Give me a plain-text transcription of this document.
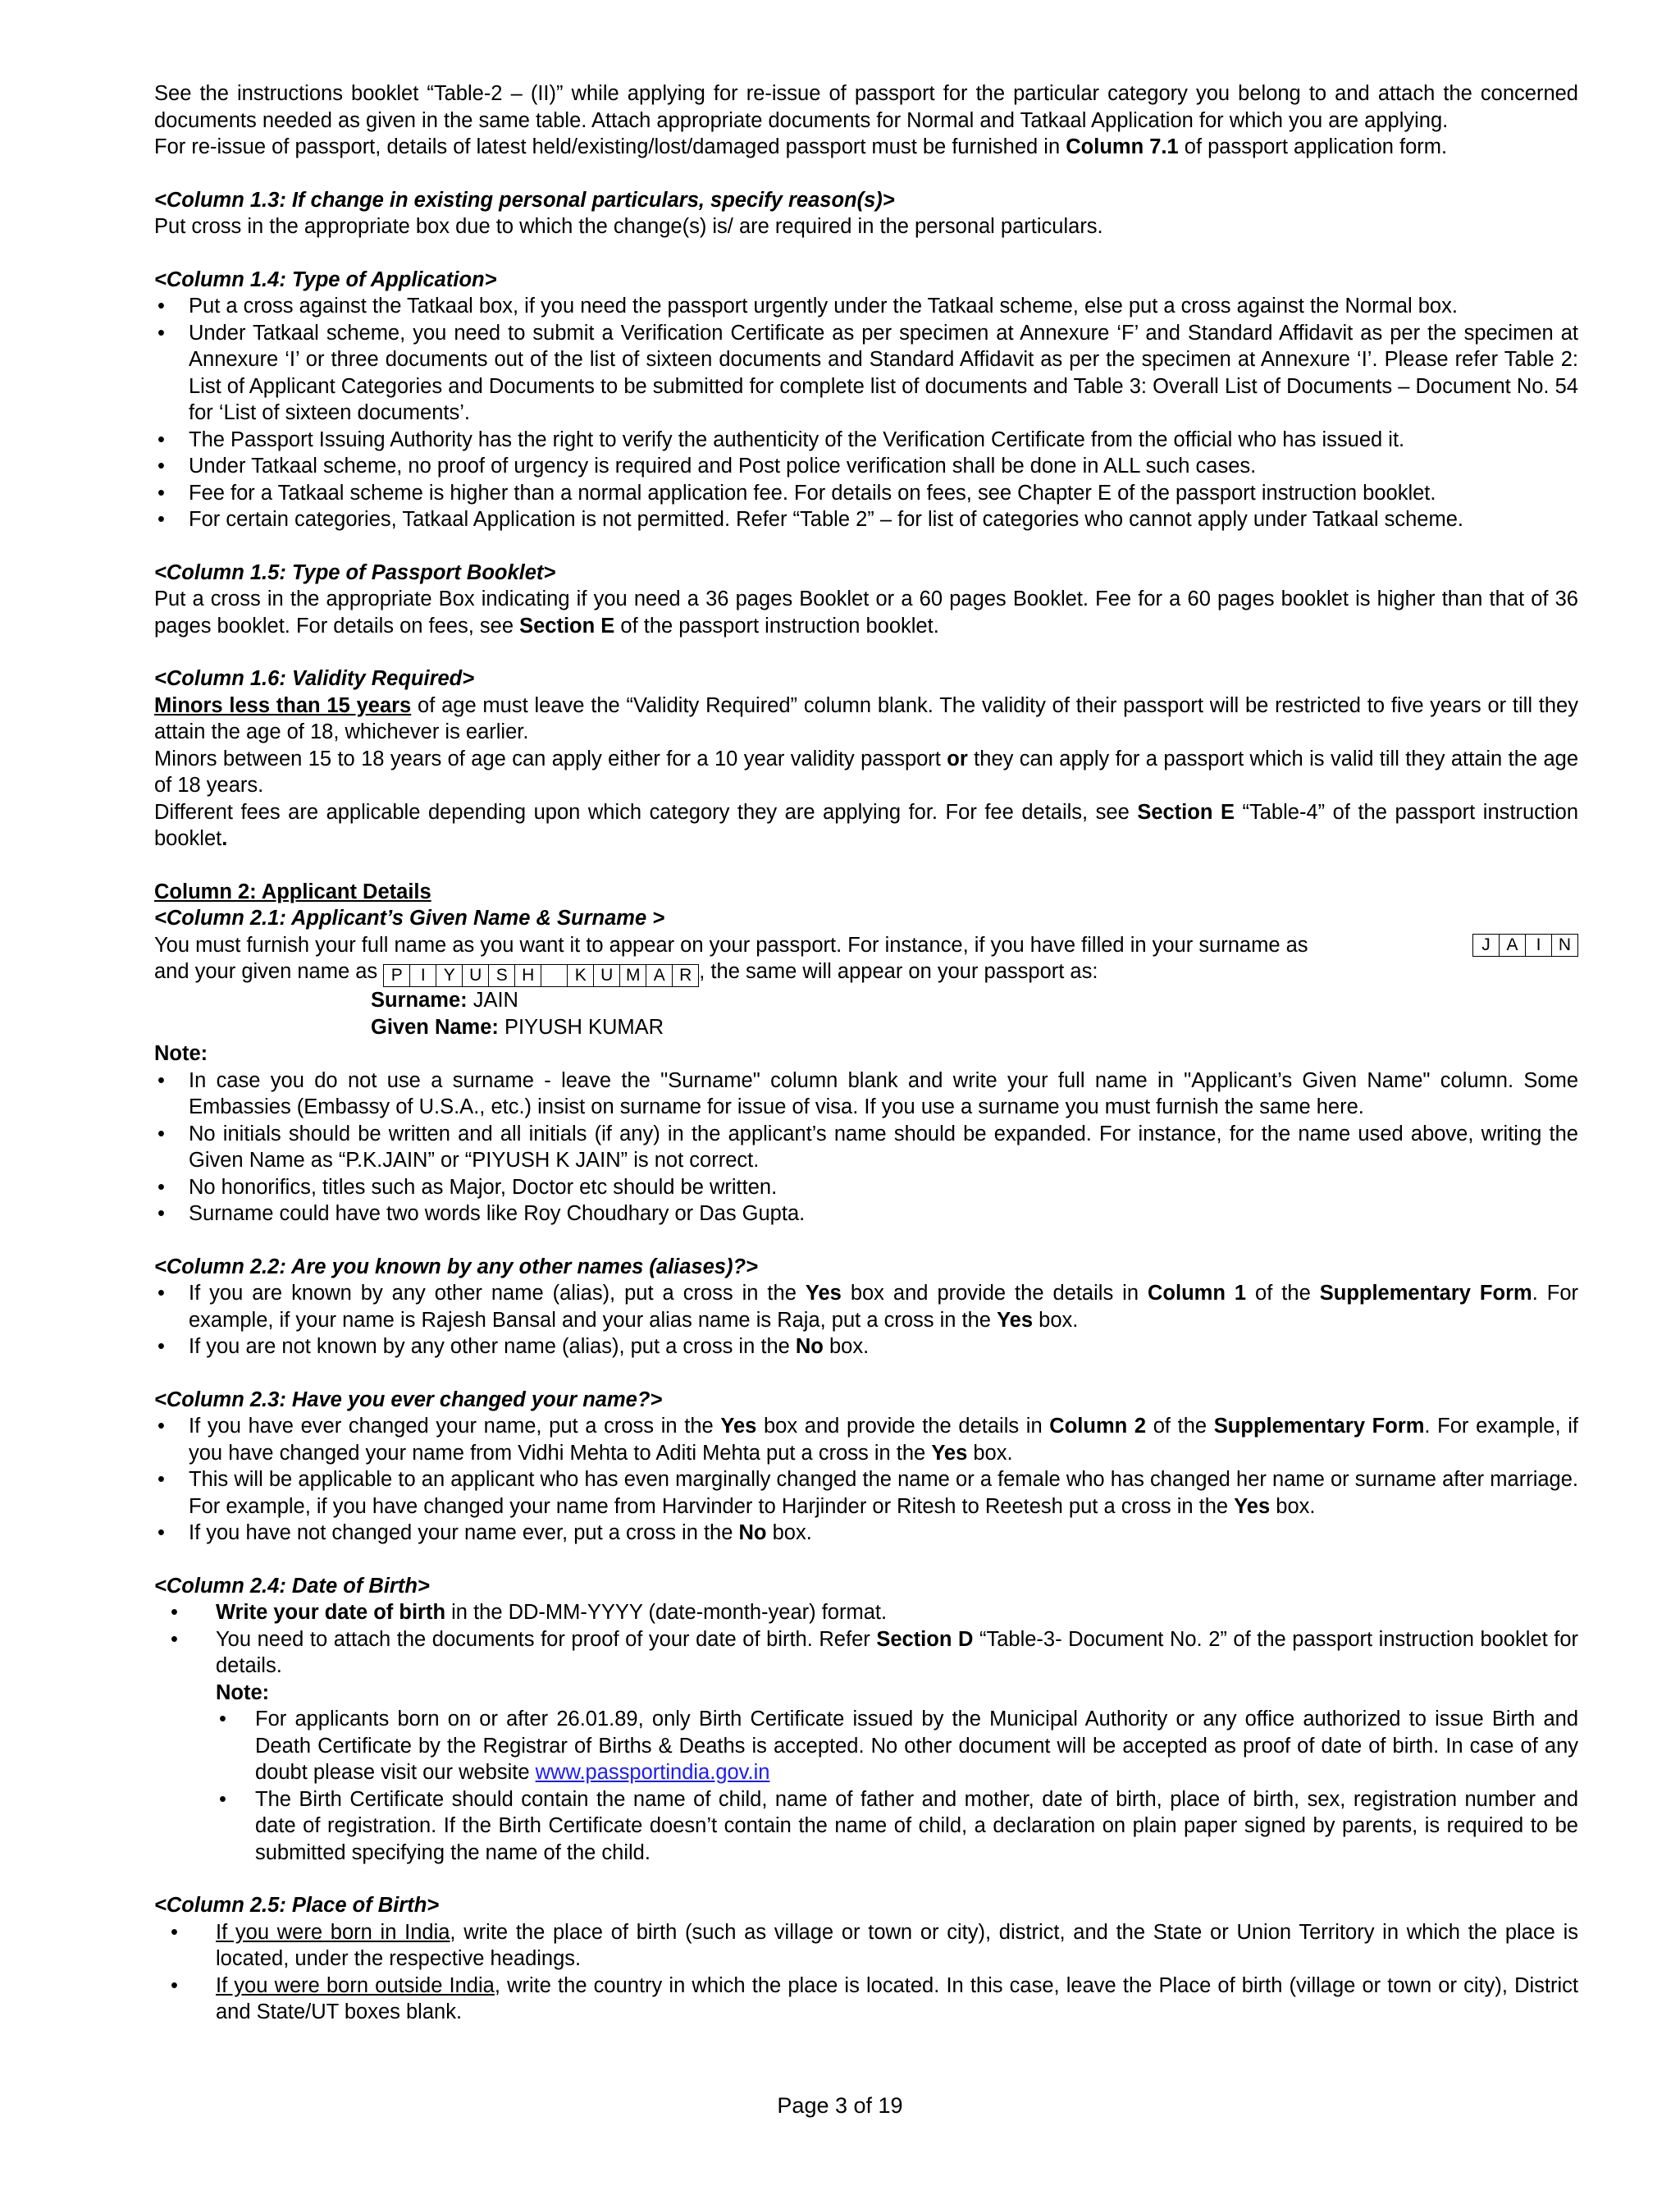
See the instructions booklet “Table-2 – (II)” while applying for re-issue of passport for the particular category you belong to and attach the concerned documents needed as given in the same table. Attach appropriate documents for Normal and Tatkaal Application for which you are applying.

For re-issue of passport, details of latest held/existing/lost/damaged passport must be furnished in Column 7.1 of passport application form.

<Column 1.3: If change in existing personal particulars, specify reason(s)>

Put cross in the appropriate box due to which the change(s) is/ are required in the personal particulars.

<Column 1.4: Type of Application>

• Put a cross against the Tatkaal box, if you need the passport urgently under the Tatkaal scheme, else put a cross against the Normal box.
• Under Tatkaal scheme, you need to submit a Verification Certificate as per specimen at Annexure ‘F’ and Standard Affidavit as per the specimen at Annexure ‘I’ or three documents out of the list of sixteen documents and Standard Affidavit as per the specimen at Annexure ‘I’. Please refer Table 2: List of Applicant Categories and Documents to be submitted for complete list of documents and Table 3: Overall List of Documents – Document No. 54 for ‘List of sixteen documents’.
• The Passport Issuing Authority has the right to verify the authenticity of the Verification Certificate from the official who has issued it.
• Under Tatkaal scheme, no proof of urgency is required and Post police verification shall be done in ALL such cases.
• Fee for a Tatkaal scheme is higher than a normal application fee. For details on fees, see Chapter E of the passport instruction booklet.
• For certain categories, Tatkaal Application is not permitted. Refer “Table 2” – for list of categories who cannot apply under Tatkaal scheme.

<Column 1.5: Type of Passport Booklet>

Put a cross in the appropriate Box indicating if you need a 36 pages Booklet or a 60 pages Booklet. Fee for a 60 pages booklet is higher than that of 36 pages booklet. For details on fees, see Section E of the passport instruction booklet.

<Column 1.6: Validity Required>

Minors less than 15 years of age must leave the “Validity Required” column blank. The validity of their passport will be restricted to five years or till they attain the age of 18, whichever is earlier.

Minors between 15 to 18 years of age can apply either for a 10 year validity passport or they can apply for a passport which is valid till they attain the age of 18 years.

Different fees are applicable depending upon which category they are applying for. For fee details, see Section E “Table-4” of the passport instruction booklet.

Column 2: Applicant Details

<Column 2.1: Applicant’s Given Name & Surname >

You must furnish your full name as you want it to appear on your passport. For instance, if you have filled in your surname as	J A	I	N

and your given name as P	I	Y U S H	K U M A R , the same will appear on your passport as:

Surname: JAIN

Given Name: PIYUSH KUMAR

Note:

• In case you do not use a surname - leave the "Surname" column blank and write your full name in "Applicant’s Given Name" column. Some Embassies (Embassy of U.S.A., etc.) insist on surname for issue of visa. If you use a surname you must furnish the same here.
• No initials should be written and all initials (if any) in the applicant’s name should be expanded. For instance, for the name used above, writing the Given Name as “P.K.JAIN” or “PIYUSH K JAIN” is not correct.
• No honorifics, titles such as Major, Doctor etc should be written.
• Surname could have two words like Roy Choudhary or Das Gupta.

<Column 2.2: Are you known by any other names (aliases)?>

• If you are known by any other name (alias), put a cross in the Yes box and provide the details in Column 1 of the Supplementary Form. For example, if your name is Rajesh Bansal and your alias name is Raja, put a cross in the Yes box.
• If you are not known by any other name (alias), put a cross in the No box.

<Column 2.3: Have you ever changed your name?>

• If you have ever changed your name, put a cross in the Yes box and provide the details in Column 2 of the Supplementary Form. For example, if you have changed your name from Vidhi Mehta to Aditi Mehta put a cross in the Yes box.
• This will be applicable to an applicant who has even marginally changed the name or a female who has changed her name or surname after marriage. For example, if you have changed your name from Harvinder to Harjinder or Ritesh to Reetesh put a cross in the Yes box.
• If you have not changed your name ever, put a cross in the No box.

<Column 2.4: Date of Birth>

• Write your date of birth in the DD-MM-YYYY (date-month-year) format.
• You need to attach the documents for proof of your date of birth. Refer Section D “Table-3- Document No. 2” of the passport instruction booklet for details.
Note:
• For applicants born on or after 26.01.89, only Birth Certificate issued by the Municipal Authority or any office authorized to issue Birth and Death Certificate by the Registrar of Births & Deaths is accepted. No other document will be accepted as proof of date of birth. In case of any doubt please visit our website www.passportindia.gov.in
• The Birth Certificate should contain the name of child, name of father and mother, date of birth, place of birth, sex, registration number and date of registration. If the Birth Certificate doesn’t contain the name of child, a declaration on plain paper signed by parents, is required to be submitted specifying the name of the child.

<Column 2.5: Place of Birth>

• If you were born in India, write the place of birth (such as village or town or city), district, and the State or Union Territory in which the place is located, under the respective headings.
• If you were born outside India, write the country in which the place is located. In this case, leave the Place of birth (village or town or city), District and State/UT boxes blank.
Page 3 of 19
